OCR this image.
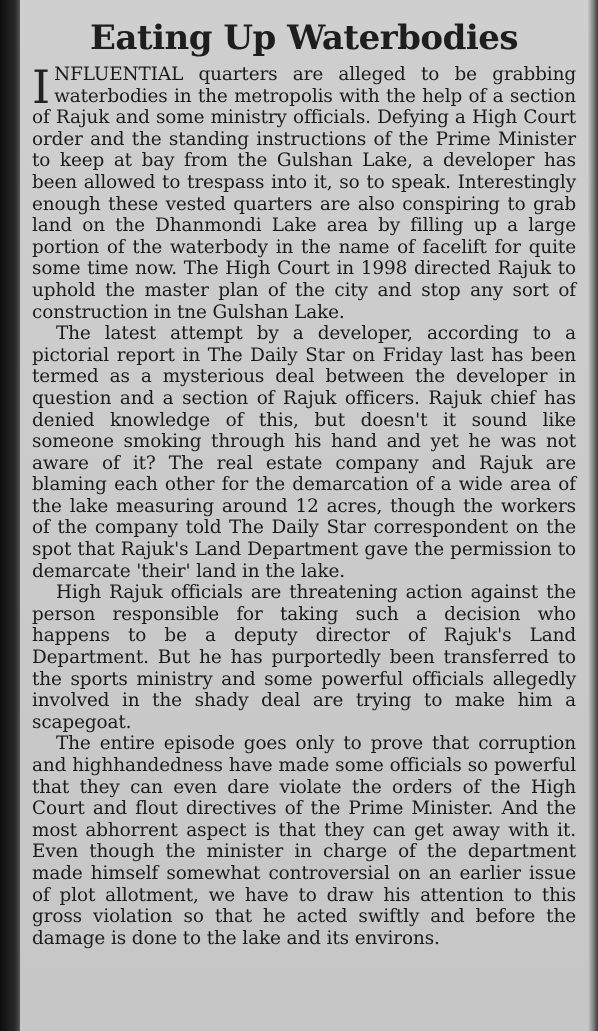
Eating Up Waterbodies

INFLUENTIAL quarters are alleged to be grabbing waterbodies in the metropolis with the help of a section of Rajuk and some ministry officials. Defying a High Court order and the standing instructions of the Prime Minister to keep at bay from the Gulshan Lake, a developer has been allowed to trespass into it, so to speak. Interestingly enough these vested quarters are also conspiring to grab land on the Dhanmondi Lake area by filling up a large portion of the waterbody in the name of facelift for quite some time now. The High Court in 1998 directed Rajuk to uphold the master plan of the city and stop any sort of construction in tne Gulshan Lake.

The latest attempt by a developer, according to a pictorial report in The Daily Star on Friday last has been termed as a mysterious deal between the developer in question and a section of Rajuk officers. Rajuk chief has denied knowledge of this, but doesn't it sound like someone smoking through his hand and yet he was not aware of it? The real estate company and Rajuk are blaming each other for the demarcation of a wide area of the lake measuring around 12 acres, though the workers of the company told The Daily Star correspondent on the spot that Rajuk's Land Department gave the permission to demarcate 'their' land in the lake.

High Rajuk officials are threatening action against the person responsible for taking such a decision who happens to be a deputy director of Rajuk's Land Department. But he has purportedly been transferred to the sports ministry and some powerful officials allegedly involved in the shady deal are trying to make him a scapegoat.

The entire episode goes only to prove that corruption and highhandedness have made some officials so powerful that they can even dare violate the orders of the High Court and flout directives of the Prime Minister. And the most abhorrent aspect is that they can get away with it. Even though the minister in charge of the department made himself somewhat controversial on an earlier issue of plot allotment, we have to draw his attention to this gross violation so that he acted swiftly and before the damage is done to the lake and its environs.
